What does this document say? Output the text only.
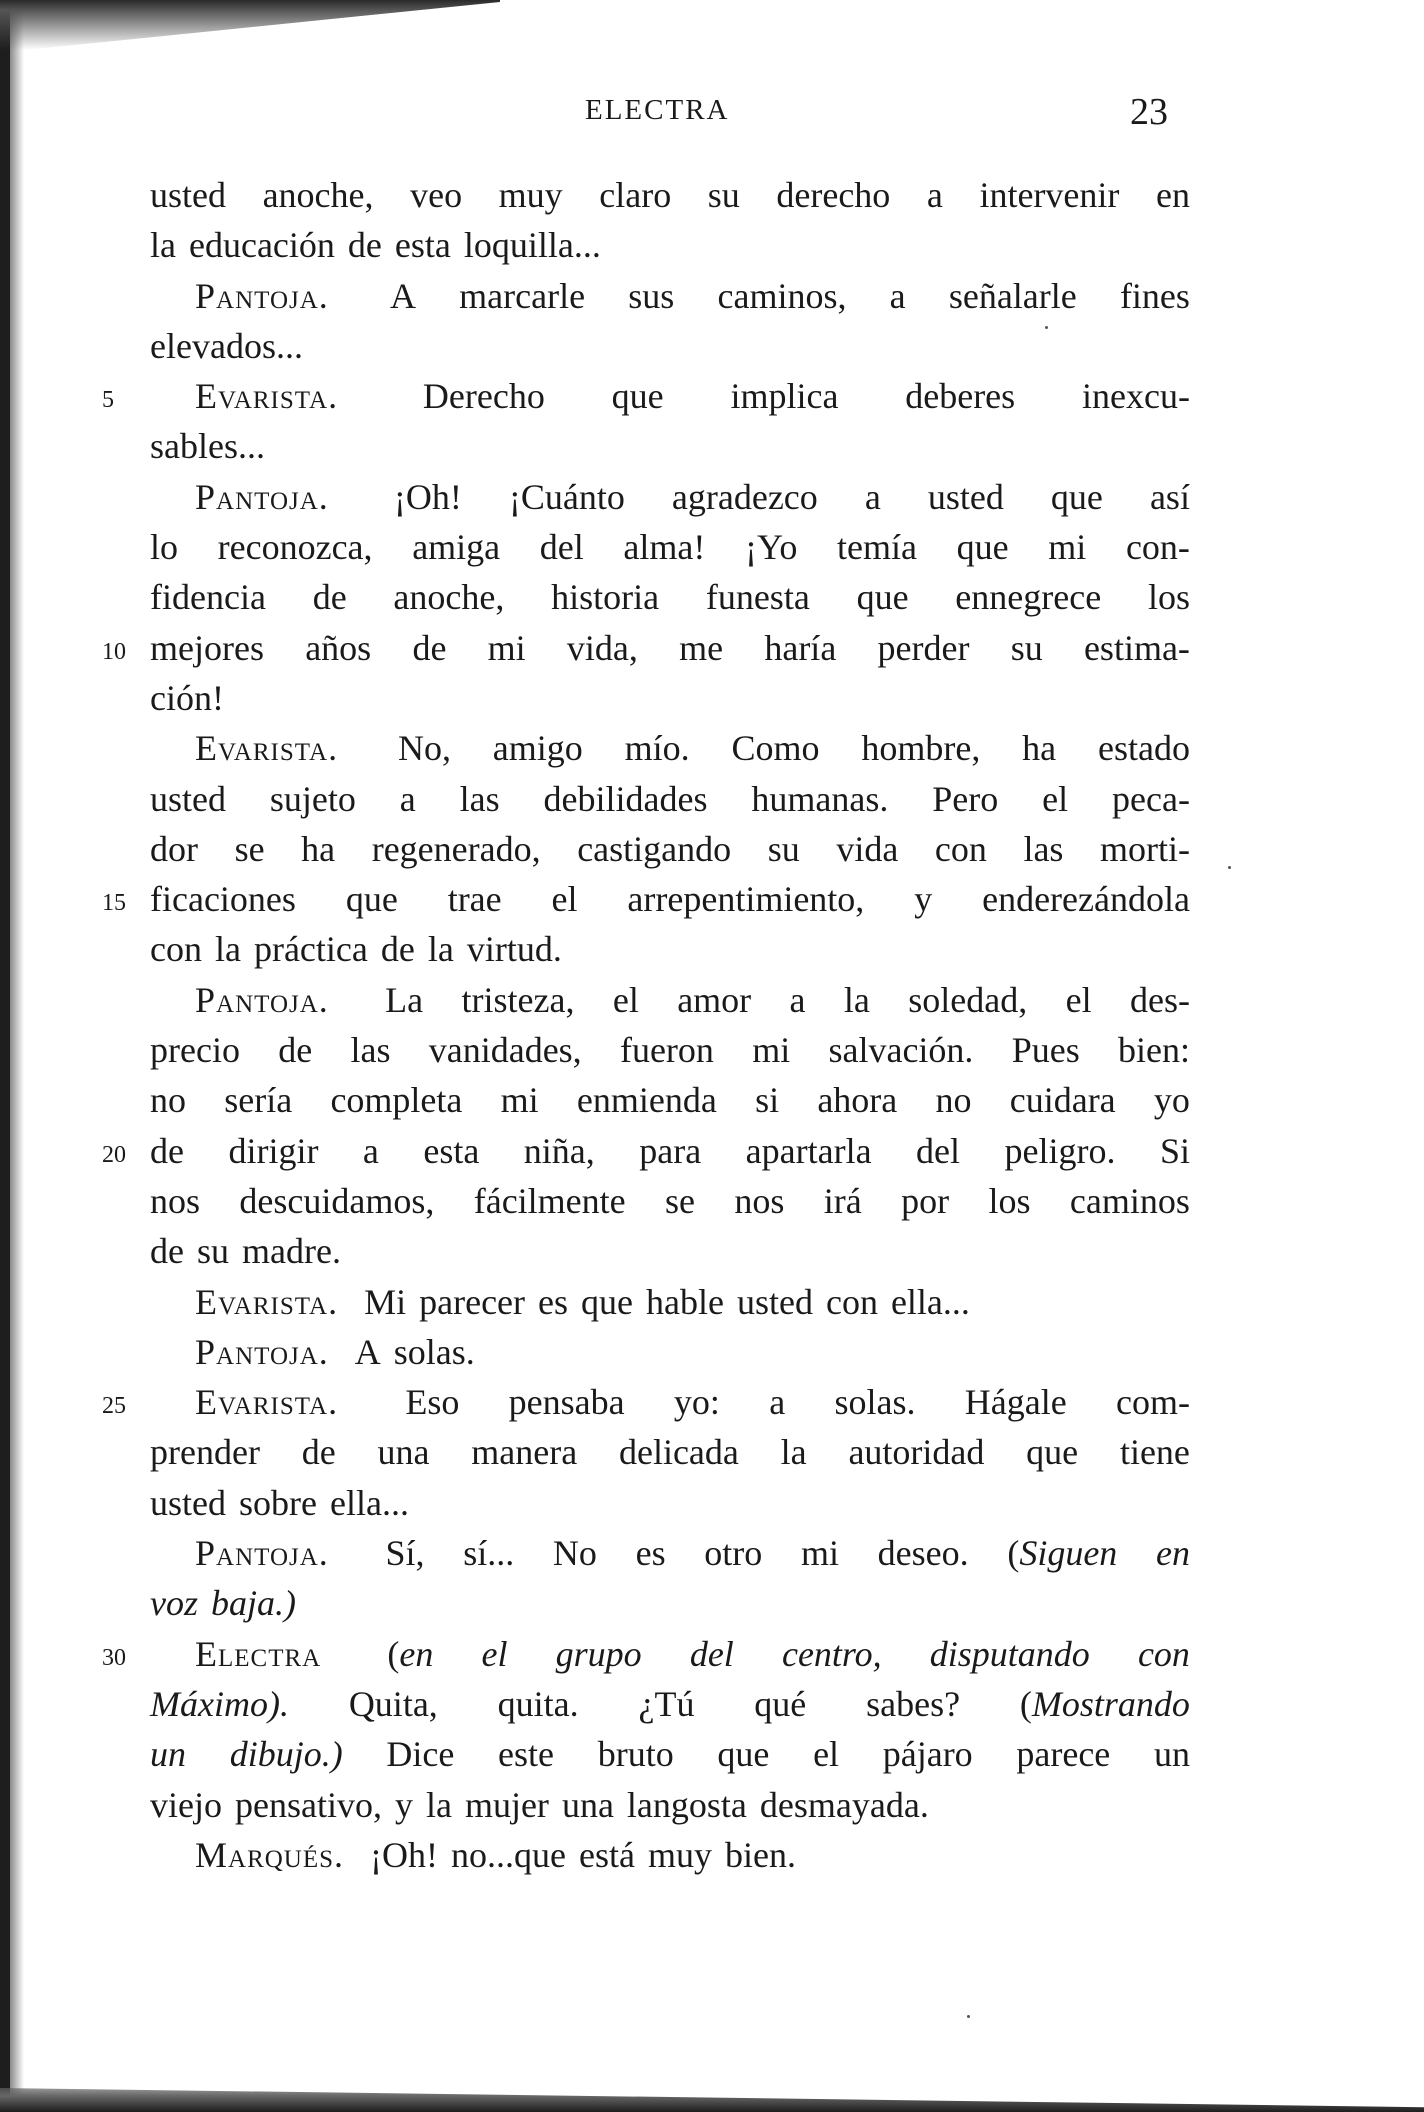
ELECTRA	23
usted anoche, veo muy claro su derecho a intervenir en
la educación de esta loquilla...
Pantoja. A marcarle sus caminos, a señalarle fines
elevados...
5	Evarista. Derecho que implica deberes inexcu-
sables...
Pantoja. ¡Oh! ¡Cuánto agradezco a usted que así
lo reconozca, amiga del alma! ¡Yo temía que mi con-
fidencia de anoche, historia funesta que ennegrece los
10 mejores años de mi vida, me haría perder su estima-
ción!
Evarista. No, amigo mío. Como hombre, ha estado
usted sujeto a las debilidades humanas. Pero el peca-
dor se ha regenerado, castigando su vida con las morti-
15 ficaciones que trae el arrepentimiento, y enderezándola
con la práctica de la virtud.
Pantoja. La tristeza, el amor a la soledad, el des-
precio de las vanidades, fueron mi salvación. Pues bien:
no sería completa mi enmienda si ahora no cuidara yo
20 de dirigir a esta niña, para apartarla del peligro. Si
nos descuidamos, fácilmente se nos irá por los caminos
de su madre.
Evarista. Mi parecer es que hable usted con ella...
Pantoja. A solas.
25	Evarista. Eso pensaba yo: a solas. Hágale com-
prender de una manera delicada la autoridad que tiene
usted sobre ella...
Pantoja. Sí, sí... No es otro mi deseo. (Siguen en
voz baja.)
30	Electra (en el grupo del centro, disputando con
Máximo). Quita, quita. ¿Tú qué sabes? (Mostrando
un dibujo.) Dice este bruto que el pájaro parece un
viejo pensativo, y la mujer una langosta desmayada.
Marqués. ¡Oh! no...que está muy bien.
